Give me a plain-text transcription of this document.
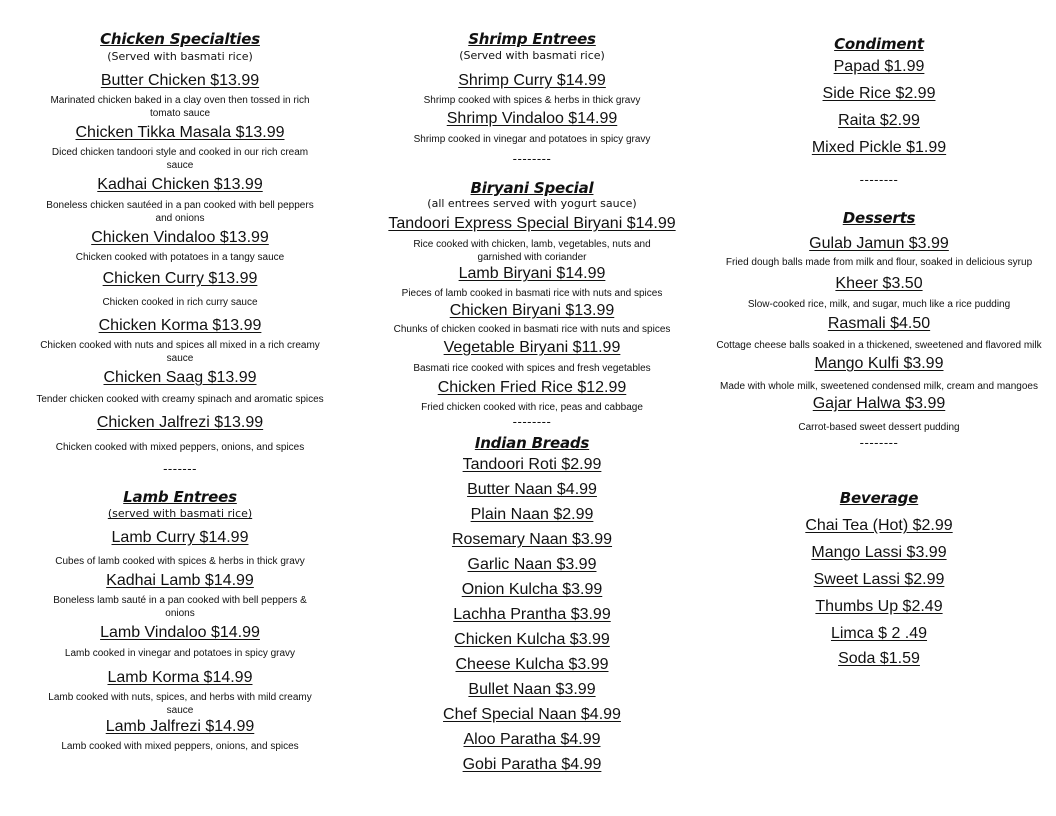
Chicken Specialties
(Served with basmati rice)
Butter Chicken $13.99
Marinated chicken baked in a clay oven then tossed in rich tomato sauce
Chicken Tikka Masala $13.99
Diced chicken tandoori style and cooked in our rich cream sauce
Kadhai Chicken $13.99
Boneless chicken sautéed in a pan cooked with bell peppers and onions
Chicken Vindaloo $13.99
Chicken cooked with potatoes in a tangy sauce
Chicken Curry $13.99
Chicken cooked in rich curry sauce
Chicken Korma $13.99
Chicken cooked with nuts and spices all mixed in a rich creamy sauce
Chicken Saag $13.99
Tender chicken cooked with creamy spinach and aromatic spices
Chicken Jalfrezi $13.99
Chicken cooked with mixed peppers, onions, and spices
-------
Lamb Entrees
(served with basmati rice)
Lamb Curry $14.99
Cubes of lamb cooked with spices & herbs in thick gravy
Kadhai Lamb $14.99
Boneless lamb sauté in a pan cooked with bell peppers & onions
Lamb Vindaloo $14.99
Lamb cooked in vinegar and potatoes in spicy gravy
Lamb Korma $14.99
Lamb cooked with nuts, spices, and herbs with mild creamy sauce
Lamb Jalfrezi $14.99
Lamb cooked with mixed peppers, onions, and spices
Shrimp Entrees
(Served with basmati rice)
Shrimp Curry $14.99
Shrimp cooked with spices & herbs in thick gravy
Shrimp Vindaloo $14.99
Shrimp cooked in vinegar and potatoes in spicy gravy
--------
Biryani Special
(all entrees served with yogurt sauce)
Tandoori Express Special Biryani $14.99
Rice cooked with chicken, lamb, vegetables, nuts and garnished with coriander
Lamb Biryani $14.99
Pieces of lamb cooked in basmati rice with nuts and spices
Chicken Biryani $13.99
Chunks of chicken cooked in basmati rice with nuts and spices
Vegetable Biryani $11.99
Basmati rice cooked with spices and fresh vegetables
Chicken Fried Rice $12.99
Fried chicken cooked with rice, peas and cabbage
--------
Indian Breads
Tandoori Roti $2.99
Butter Naan $4.99
Plain Naan $2.99
Rosemary Naan $3.99
Garlic Naan $3.99
Onion Kulcha $3.99
Lachha Prantha $3.99
Chicken Kulcha $3.99
Cheese Kulcha $3.99
Bullet Naan $3.99
Chef Special Naan $4.99
Aloo Paratha $4.99
Gobi Paratha $4.99
Condiment
Papad $1.99
Side Rice $2.99
Raita $2.99
Mixed Pickle $1.99
--------
Desserts
Gulab Jamun $3.99
Fried dough balls made from milk and flour, soaked in delicious syrup
Kheer $3.50
Slow-cooked rice, milk, and sugar, much like a rice pudding
Rasmali $4.50
Cottage cheese balls soaked in a thickened, sweetened and flavored milk
Mango Kulfi $3.99
Made with whole milk, sweetened condensed milk, cream and mangoes
Gajar Halwa $3.99
Carrot-based sweet dessert pudding
--------
Beverage
Chai Tea (Hot) $2.99
Mango Lassi $3.99
Sweet Lassi $2.99
Thumbs Up $2.49
Limca $ 2 .49
Soda $1.59
